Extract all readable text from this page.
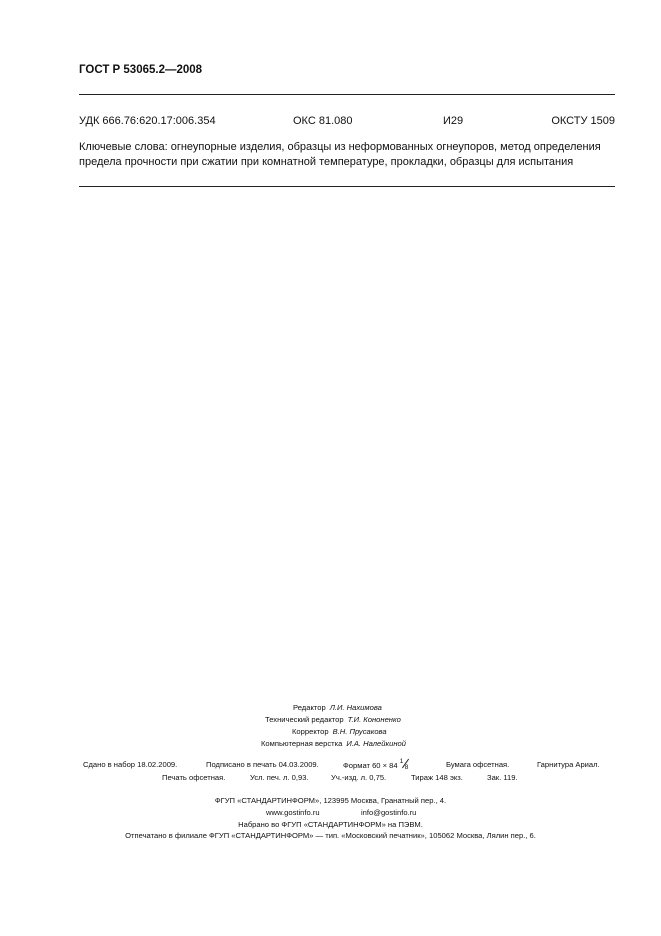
ГОСТ Р 53065.2—2008
УДК 666.76:620.17:006.354	ОКС 81.080	И29	ОКСТУ 1509
Ключевые слова: огнеупорные изделия, образцы из неформованных огнеупоров, метод определения предела прочности при сжатии при комнатной температуре, прокладки, образцы для испытания
Редактор Л.И. Нахимова
Технический редактор Т.И. Кононенко
Корректор В.Н. Прусакова
Компьютерная верстка И.А. Налейкиной
Сдано в набор 18.02.2009.	Подписано в печать 04.03.2009.	Формат 60 × 84 1
8	Бумага офсетная.	Гарнитура Ариал.
Печать офсетная.	Усл. печ. л. 0,93.	Уч.-изд. л. 0,75.	Тираж 148 экз.	Зак. 119.
ФГУП «СТАНДАРТИНФОРМ», 123995 Москва, Гранатный пер., 4.
www.gostinfo.ru	info@gostinfo.ru
Набрано во ФГУП «СТАНДАРТИНФОРМ» на ПЭВМ.
Отпечатано в филиале ФГУП «СТАНДАРТИНФОРМ» — тип. «Московский печатник», 105062 Москва, Лялин пер., 6.
